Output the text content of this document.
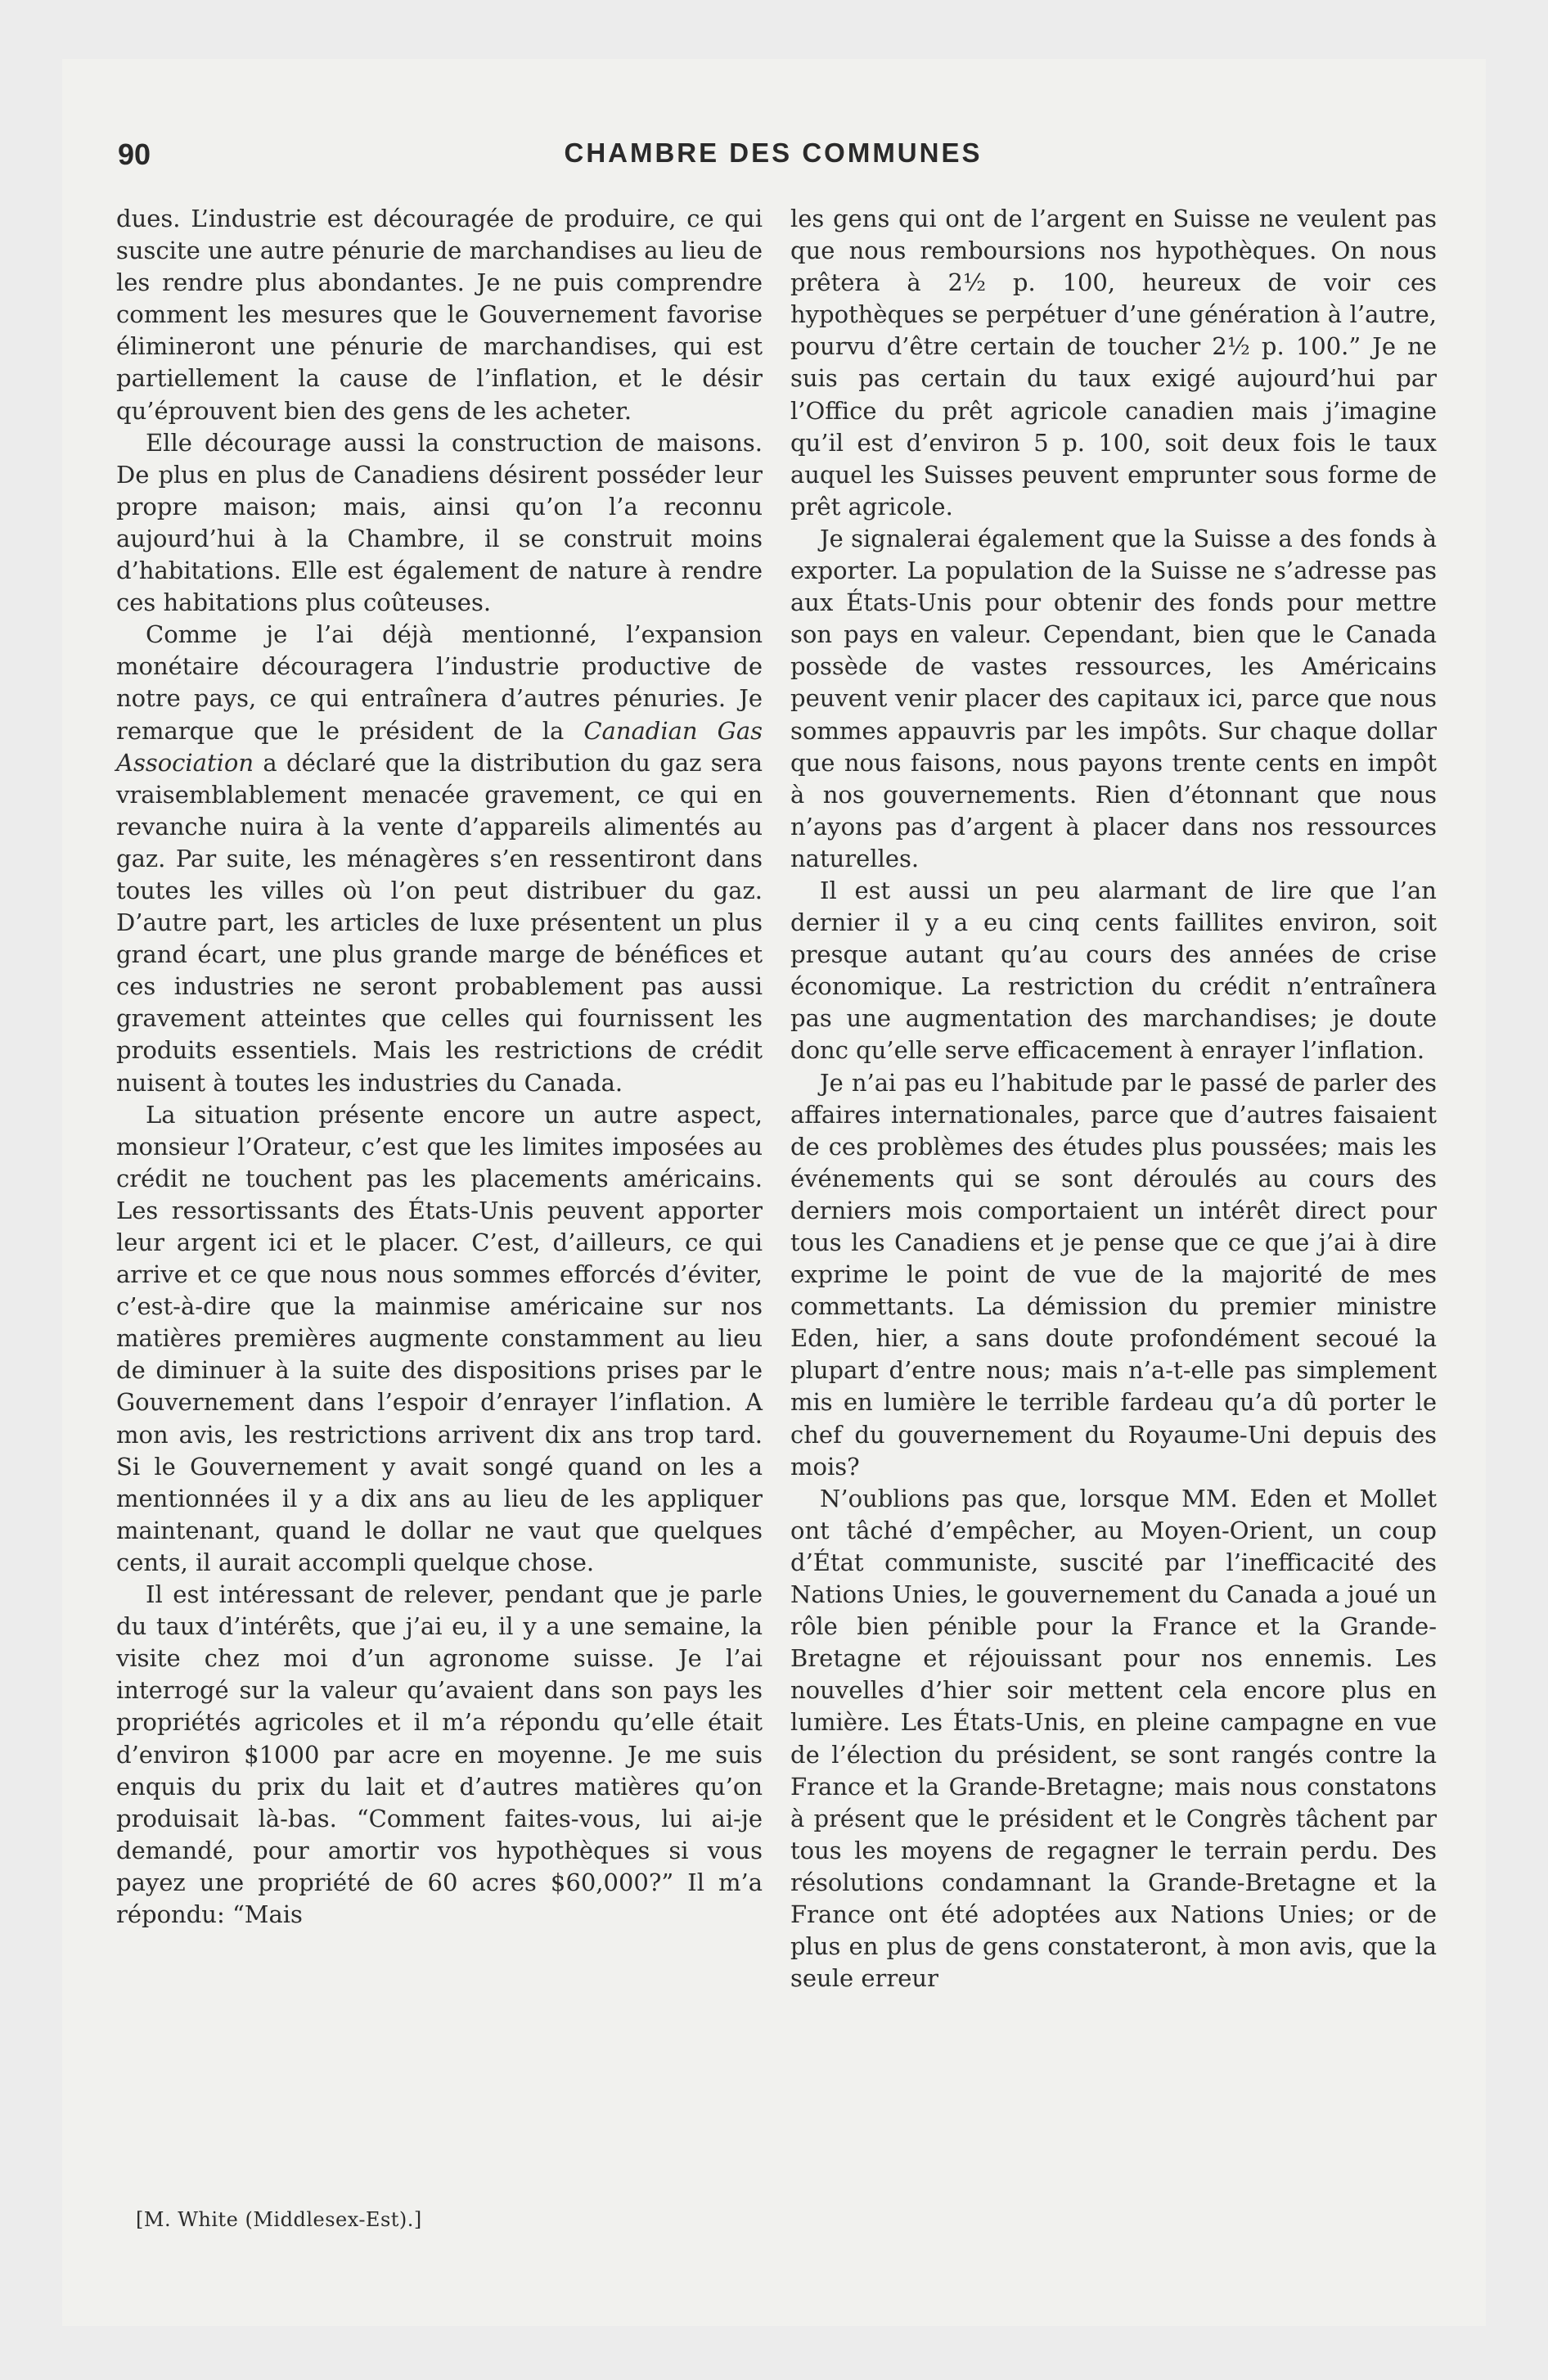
90	CHAMBRE DES COMMUNES

dues. L’industrie est découragée de produire, ce qui suscite une autre pénurie de marchandises au lieu de les rendre plus abondantes. Je ne puis comprendre comment les mesures que le Gouvernement favorise élimineront une pénurie de marchandises, qui est partiellement la cause de l’inflation, et le désir qu’éprouvent bien des gens de les acheter.

Elle décourage aussi la construction de maisons. De plus en plus de Canadiens désirent posséder leur propre maison; mais, ainsi qu’on l’a reconnu aujourd’hui à la Chambre, il se construit moins d’habitations. Elle est également de nature à rendre ces habitations plus coûteuses.

Comme je l’ai déjà mentionné, l’expansion monétaire découragera l’industrie productive de notre pays, ce qui entraînera d’autres pénuries. Je remarque que le président de la Canadian Gas Association a déclaré que la distribution du gaz sera vraisemblablement menacée gravement, ce qui en revanche nuira à la vente d’appareils alimentés au gaz. Par suite, les ménagères s’en ressentiront dans toutes les villes où l’on peut distribuer du gaz. D’autre part, les articles de luxe présentent un plus grand écart, une plus grande marge de bénéfices et ces industries ne seront probablement pas aussi gravement atteintes que celles qui fournissent les produits essentiels. Mais les restrictions de crédit nuisent à toutes les industries du Canada.

La situation présente encore un autre aspect, monsieur l’Orateur, c’est que les limites imposées au crédit ne touchent pas les placements américains. Les ressortissants des États-Unis peuvent apporter leur argent ici et le placer. C’est, d’ailleurs, ce qui arrive et ce que nous nous sommes efforcés d’éviter, c’est-à-dire que la mainmise américaine sur nos matières premières augmente constamment au lieu de diminuer à la suite des dispositions prises par le Gouvernement dans l’espoir d’enrayer l’inflation. A mon avis, les restrictions arrivent dix ans trop tard. Si le Gouvernement y avait songé quand on les a mentionnées il y a dix ans au lieu de les appliquer maintenant, quand le dollar ne vaut que quelques cents, il aurait accompli quelque chose.

Il est intéressant de relever, pendant que je parle du taux d’intérêts, que j’ai eu, il y a une semaine, la visite chez moi d’un agronome suisse. Je l’ai interrogé sur la valeur qu’avaient dans son pays les propriétés agricoles et il m’a répondu qu’elle était d’environ $1000 par acre en moyenne. Je me suis enquis du prix du lait et d’autres matières qu’on produisait là-bas. “Comment faites-vous, lui ai-je demandé, pour amortir vos hypothèques si vous payez une propriété de 60 acres $60,000?” Il m’a répondu: “Mais

[M. White (Middlesex-Est).]

les gens qui ont de l’argent en Suisse ne veulent pas que nous remboursions nos hypothèques. On nous prêtera à 2½ p. 100, heureux de voir ces hypothèques se perpétuer d’une génération à l’autre, pourvu d’être certain de toucher 2½ p. 100.” Je ne suis pas certain du taux exigé aujourd’hui par l’Office du prêt agricole canadien mais j’imagine qu’il est d’environ 5 p. 100, soit deux fois le taux auquel les Suisses peuvent emprunter sous forme de prêt agricole.

Je signalerai également que la Suisse a des fonds à exporter. La population de la Suisse ne s’adresse pas aux États-Unis pour obtenir des fonds pour mettre son pays en valeur. Cependant, bien que le Canada possède de vastes ressources, les Américains peuvent venir placer des capitaux ici, parce que nous sommes appauvris par les impôts. Sur chaque dollar que nous faisons, nous payons trente cents en impôt à nos gouvernements. Rien d’étonnant que nous n’ayons pas d’argent à placer dans nos ressources naturelles.

Il est aussi un peu alarmant de lire que l’an dernier il y a eu cinq cents faillites environ, soit presque autant qu’au cours des années de crise économique. La restriction du crédit n’entraînera pas une augmentation des marchandises; je doute donc qu’elle serve efficacement à enrayer l’inflation.

Je n’ai pas eu l’habitude par le passé de parler des affaires internationales, parce que d’autres faisaient de ces problèmes des études plus poussées; mais les événements qui se sont déroulés au cours des derniers mois comportaient un intérêt direct pour tous les Canadiens et je pense que ce que j’ai à dire exprime le point de vue de la majorité de mes commettants. La démission du premier ministre Eden, hier, a sans doute profondément secoué la plupart d’entre nous; mais n’a-t-elle pas simplement mis en lumière le terrible fardeau qu’a dû porter le chef du gouvernement du Royaume-Uni depuis des mois?

N’oublions pas que, lorsque MM. Eden et Mollet ont tâché d’empêcher, au Moyen-Orient, un coup d’État communiste, suscité par l’inefficacité des Nations Unies, le gouvernement du Canada a joué un rôle bien pénible pour la France et la Grande-Bretagne et réjouissant pour nos ennemis. Les nouvelles d’hier soir mettent cela encore plus en lumière. Les États-Unis, en pleine campagne en vue de l’élection du président, se sont rangés contre la France et la Grande-Bretagne; mais nous constatons à présent que le président et le Congrès tâchent par tous les moyens de regagner le terrain perdu. Des résolutions condamnant la Grande-Bretagne et la France ont été adoptées aux Nations Unies; or de plus en plus de gens constateront, à mon avis, que la seule erreur
